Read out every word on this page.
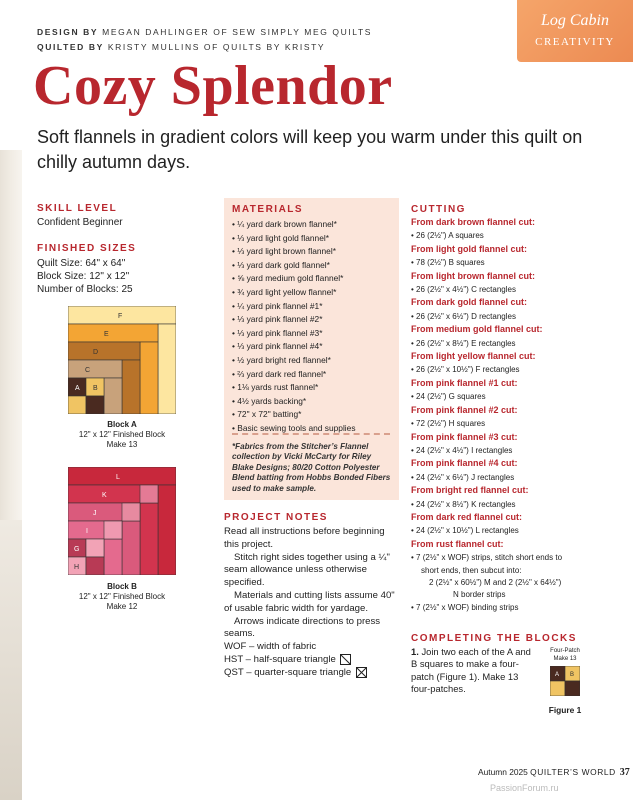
Log Cabin
CREATIVITY
DESIGN BY MEGAN DAHLINGER OF SEW SIMPLY MEG QUILTS
QUILTED BY KRISTY MULLINS OF QUILTS BY KRISTY
Cozy Splendor
Soft flannels in gradient colors will keep you warm under this quilt on chilly autumn days.
SKILL LEVEL
Confident Beginner
FINISHED SIZES
Quilt Size: 64" x 64"
Block Size: 12" x 12"
Number of Blocks: 25
F
E
D
C
A B
Block A
12" x 12" Finished Block
Make 13
L
K
J
I
G
H
Block B
12" x 12" Finished Block
Make 12
MATERIALS
• ¼ yard dark brown flannel*
• ⅓ yard light gold flannel*
• ⅓ yard light brown flannel*
• ⅓ yard dark gold flannel*
• ⅝ yard medium gold flannel*
• ¾ yard light yellow flannel*
• ¼ yard pink flannel #1*
• ⅓ yard pink flannel #2*
• ⅓ yard pink flannel #3*
• ⅓ yard pink flannel #4*
• ½ yard bright red flannel*
• ⅔ yard dark red flannel*
• 1⅛ yards rust flannel*
• 4½ yards backing*
• 72" x 72" batting*
• Basic sewing tools and supplies
*Fabrics from the Stitcher’s Flannel collection by Vicki McCarty for Riley Blake Designs; 80/20 Cotton Polyester Blend batting from Hobbs Bonded Fibers used to make sample.
PROJECT NOTES

Read all instructions before beginning this project.

Stitch right sides together using a ¼" seam allowance unless otherwise specified.

Materials and cutting lists assume 40" of usable fabric width for yardage.

Arrows indicate directions to press seams.

WOF – width of fabric

HST – half-square triangle

QST – quarter-square triangle

CUTTING
From dark brown flannel cut:
• 26 (2½") A squares
From light gold flannel cut:
• 78 (2½") B squares
From light brown flannel cut:
• 26 (2½" x 4½") C rectangles
From dark gold flannel cut:
• 26 (2½" x 6½") D rectangles
From medium gold flannel cut:
• 26 (2½" x 8½") E rectangles
From light yellow flannel cut:
• 26 (2½" x 10½") F rectangles
From pink flannel #1 cut:
• 24 (2½") G squares
From pink flannel #2 cut:
• 72 (2½") H squares
From pink flannel #3 cut:
• 24 (2½" x 4½") I rectangles
From pink flannel #4 cut:
• 24 (2½" x 6½") J rectangles
From bright red flannel cut:
• 24 (2½" x 8½") K rectangles
From dark red flannel cut:
• 24 (2½" x 10½") L rectangles
From rust flannel cut:
• 7 (2½" x WOF) strips, stitch short ends to
short ends, then subcut into:
2 (2½" x 60½") M and 2 (2½" x 64½")
N border strips
• 7 (2½" x WOF) binding strips
COMPLETING THE BLOCKS
1. Join two each of the A and B squares to make a four-patch (Figure 1). Make 13 four-patches.
Four-Patch
Make 13
A B
Figure 1
Autumn 2025 QUILTER’S WORLD 37
PassionForum.ru
